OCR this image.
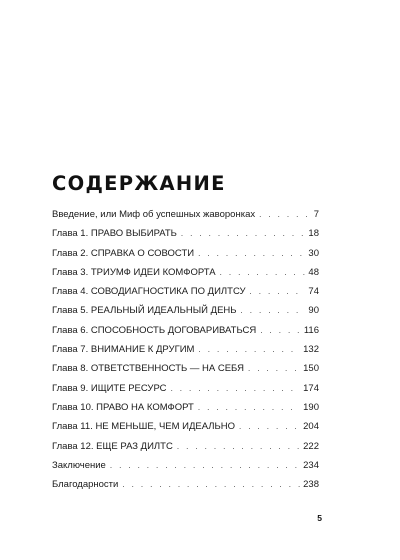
СОДЕРЖАНИЕ
Введение, или Миф об успешных жаворонках . . .	7
Глава 1. ПРАВО ВЫБИРАТЬ . . .	18
Глава 2. СПРАВКА О СОВОСТИ . . .	30
Глава 3. ТРИУМФ ИДЕИ КОМФОРТА . . .	48
Глава 4. СОВОДИАГНОСТИКА ПО ДИЛТСУ . . .	74
Глава 5. РЕАЛЬНЫЙ ИДЕАЛЬНЫЙ ДЕНЬ . . .	90
Глава 6. СПОСОБНОСТЬ ДОГОВАРИВАТЬСЯ . . .	116
Глава 7. ВНИМАНИЕ К ДРУГИМ . . .	132
Глава 8. ОТВЕТСТВЕННОСТЬ — НА СЕБЯ . . .	150
Глава 9. ИЩИТЕ РЕСУРС . . .	174
Глава 10. ПРАВО НА КОМФОРТ . . .	190
Глава 11. НЕ МЕНЬШЕ, ЧЕМ ИДЕАЛЬНО . . .	204
Глава 12. ЕЩЕ РАЗ ДИЛТС . . .	222
Заключение . . .	234
Благодарности . . .	238
5
